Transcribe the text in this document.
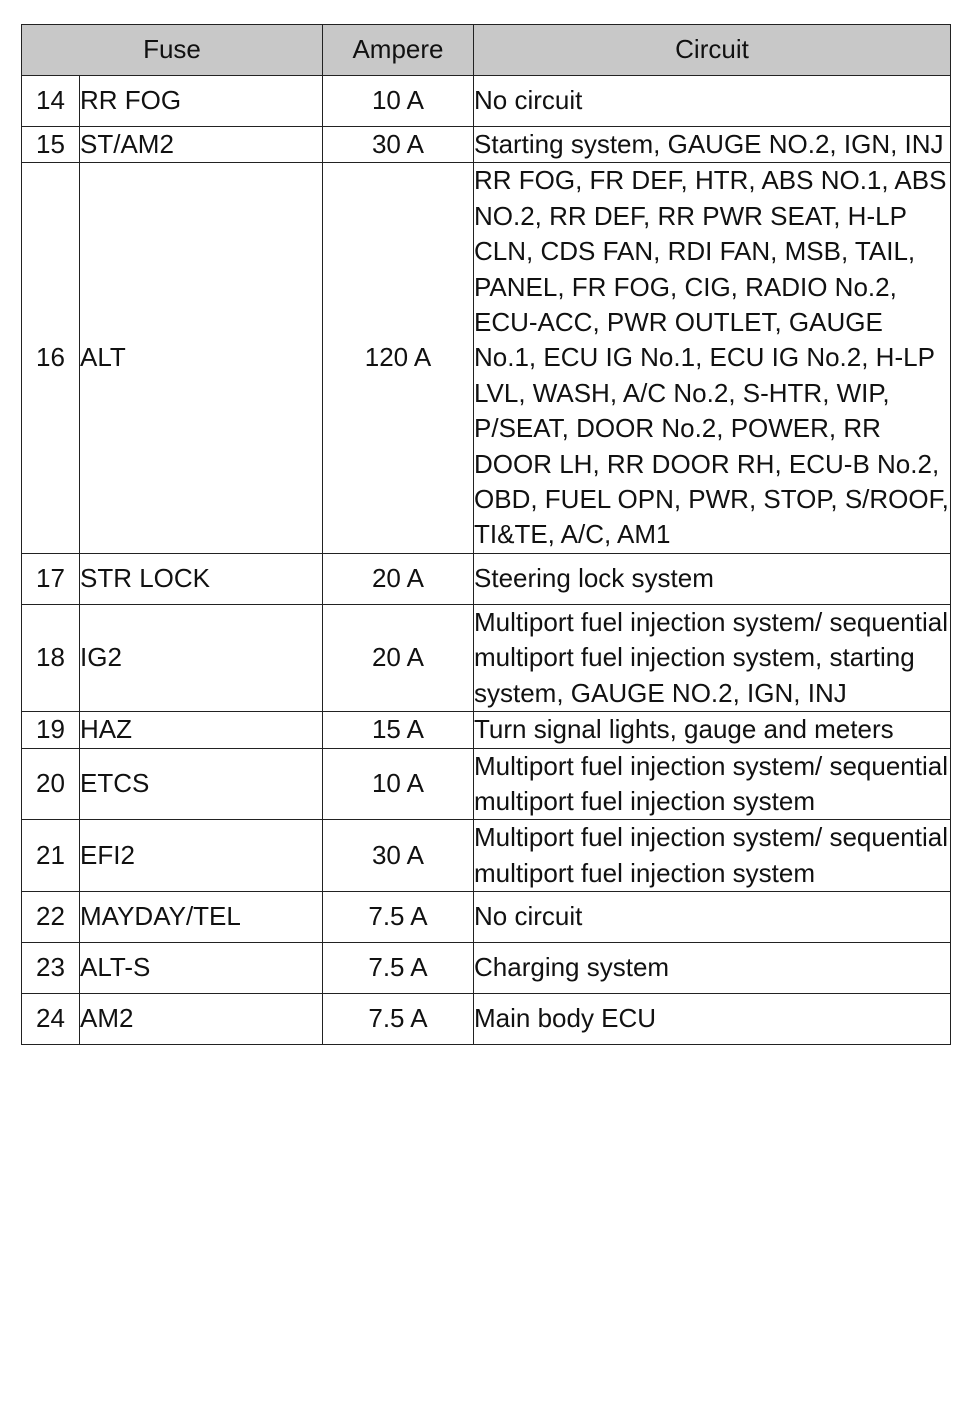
Fuse		Ampere	Circuit
14	RR FOG	10 A	No circuit
15	ST/AM2	30 A	Starting system, GAUGE NO.2, IGN, INJ
16	ALT	120 A	RR FOG, FR DEF, HTR, ABS NO.1, ABS NO.2, RR DEF, RR PWR SEAT, H-LP CLN, CDS FAN, RDI FAN, MSB, TAIL, PANEL, FR FOG, CIG, RADIO No.2, ECU-ACC, PWR OUTLET, GAUGE No.1, ECU IG No.1, ECU IG No.2, H-LP LVL, WASH, A/C No.2, S-HTR, WIP, P/SEAT, DOOR No.2, POWER, RR DOOR LH, RR DOOR RH, ECU-B No.2, OBD, FUEL OPN, PWR, STOP, S/ROOF, TI&TE, A/C, AM1
17	STR LOCK	20 A	Steering lock system
18	IG2	20 A	Multiport fuel injection system/ sequential multiport fuel injection system, starting system, GAUGE NO.2, IGN, INJ
19	HAZ	15 A	Turn signal lights, gauge and meters
20	ETCS	10 A	Multiport fuel injection system/ sequential multiport fuel injection system
21	EFI2	30 A	Multiport fuel injection system/ sequential multiport fuel injection system
22	MAYDAY/TEL	7.5 A	No circuit
23	ALT-S	7.5 A	Charging system
24	AM2	7.5 A	Main body ECU
